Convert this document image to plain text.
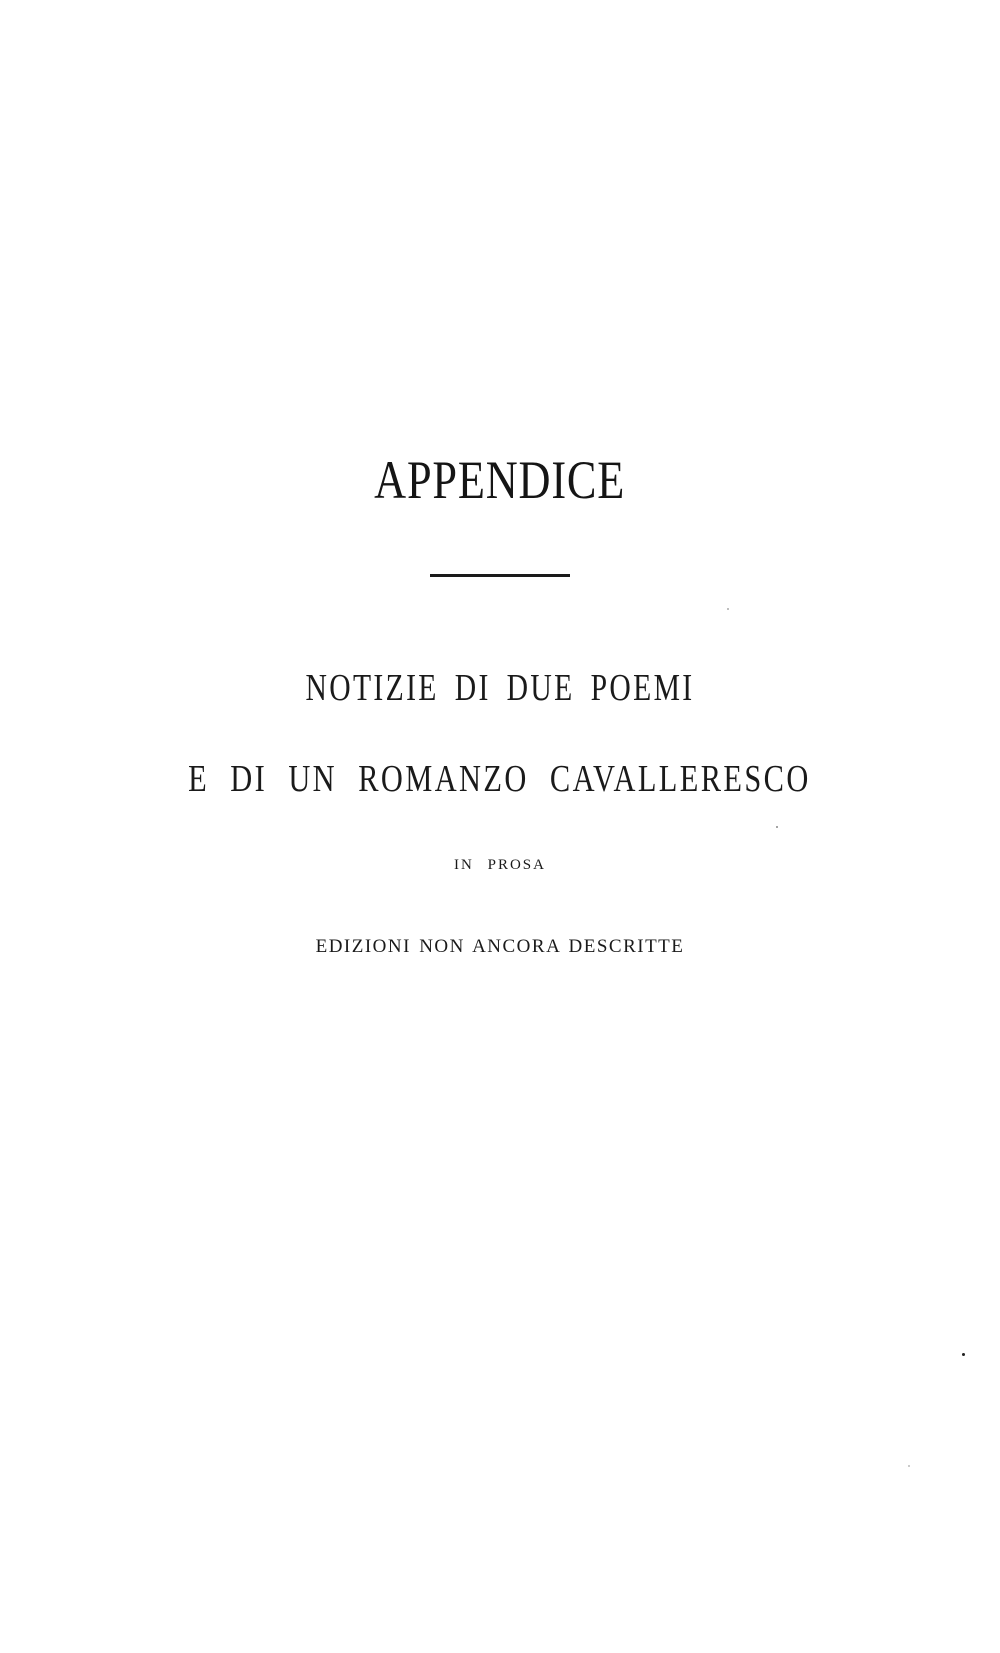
APPENDICE
NOTIZIE DI DUE POEMI
E DI UN ROMANZO CAVALLERESCO
IN PROSA
EDIZIONI NON ANCORA DESCRITTE
